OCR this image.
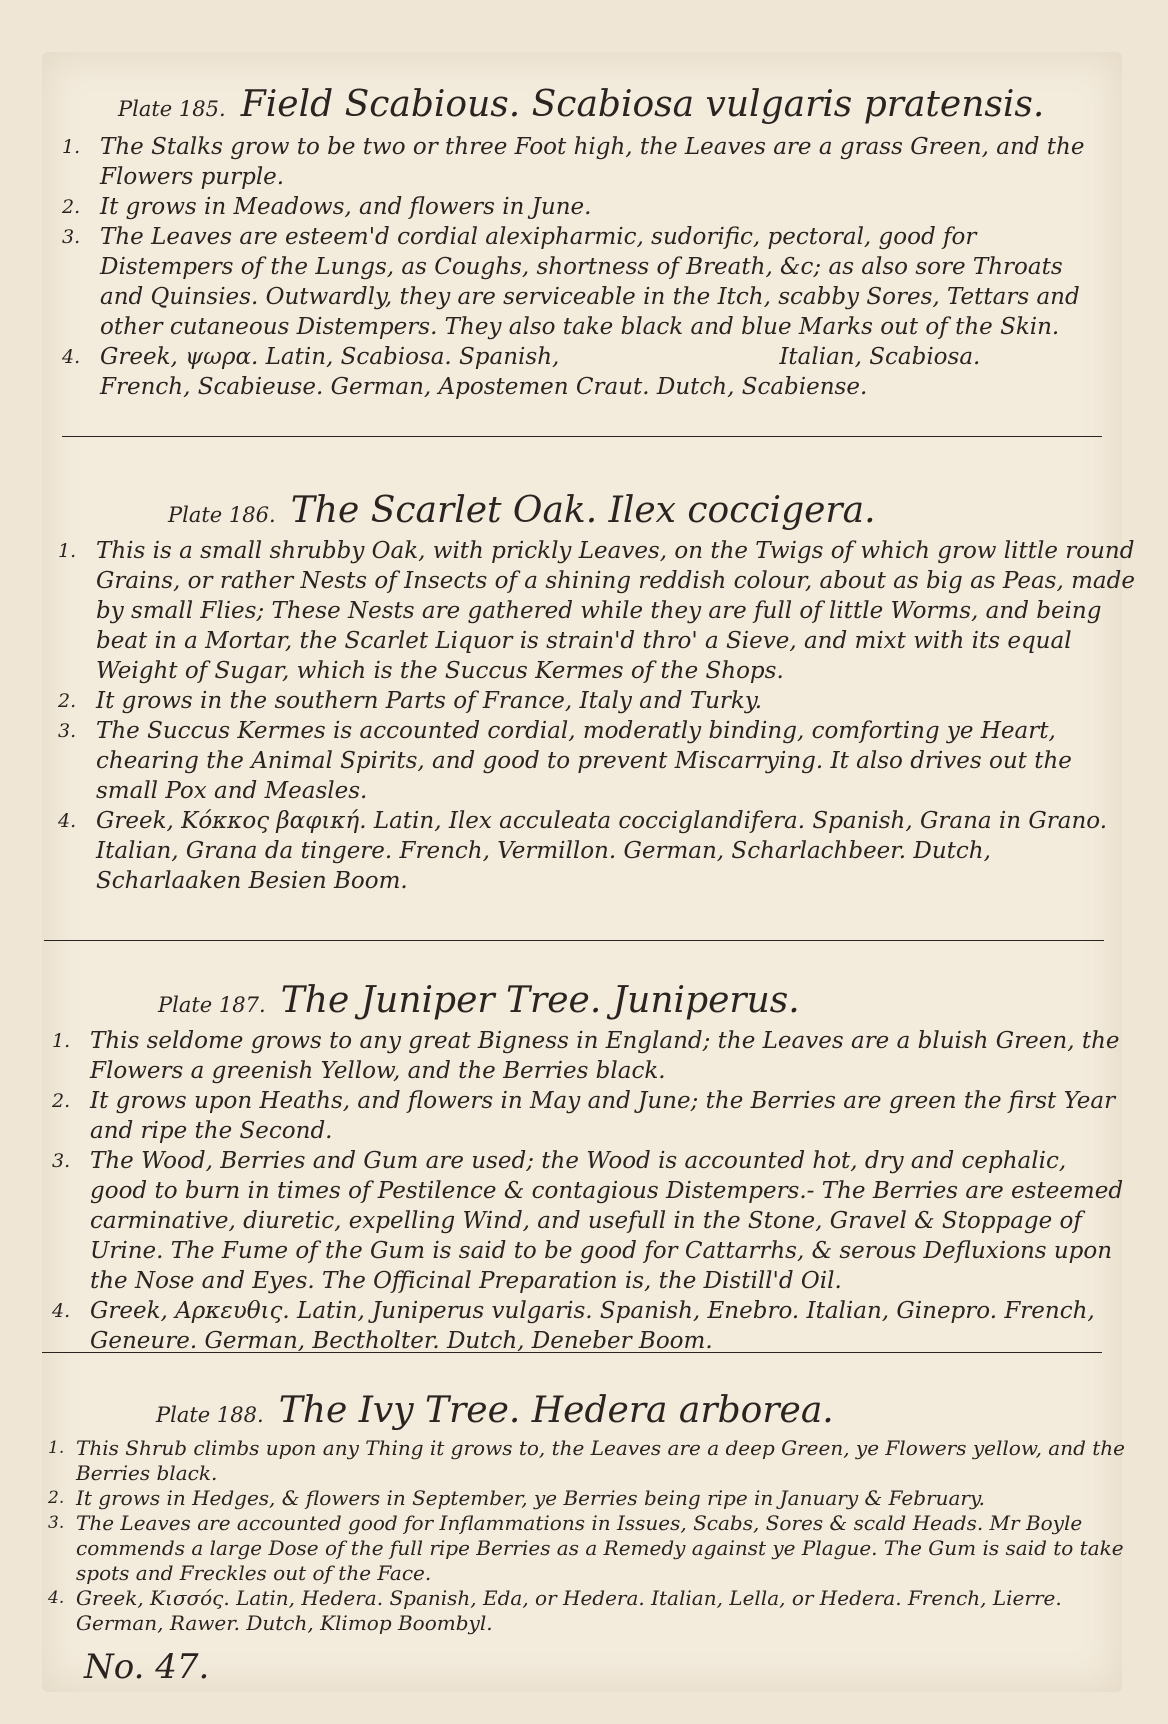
Plate 185. Field Scabious. Scabiosa vulgaris pratensis.
1. The Stalks grow to be two or three Foot high, the Leaves are a grass Green, and the Flowers purple.
2. It grows in Meadows, and flowers in June.
3. The Leaves are esteem'd cordial alexipharmic, sudorific, pectoral, good for Distempers of the Lungs, as Coughs, shortness of Breath, &c; as also sore Throats and Quinsies. Outwardly, they are serviceable in the Itch, scabby Sores, Tettars and other cutaneous Distempers. They also take black and blue Marks out of the Skin.
4. Greek, ψωρα. Latin, Scabiosa. Spanish,	Italian, Scabiosa.
French, Scabieuse. German, Apostemen Craut. Dutch, Scabiense.
Plate 186. The Scarlet Oak. Ilex coccigera.
1. This is a small shrubby Oak, with prickly Leaves, on the Twigs of which grow little round Grains, or rather Nests of Insects of a shining reddish colour, about as big as Peas, made by small Flies; These Nests are gathered while they are full of little Worms, and being beat in a Mortar, the Scarlet Liquor is strain'd thro' a Sieve, and mixt with its equal Weight of Sugar, which is the Succus Kermes of the Shops.
2. It grows in the southern Parts of France, Italy and Turky.
3. The Succus Kermes is accounted cordial, moderatly binding, comforting ye Heart, chearing the Animal Spirits, and good to prevent Miscarrying. It also drives out the small Pox and Measles.
4. Greek, Κόκκος βαφική. Latin, Ilex acculeata cocciglandifera. Spanish, Grana in Grano. Italian, Grana da tingere. French, Vermillon. German, Scharlachbeer. Dutch, Scharlaaken Besien Boom.
Plate 187. The Juniper Tree. Juniperus.
1. This seldome grows to any great Bigness in England; the Leaves are a bluish Green, the Flowers a greenish Yellow, and the Berries black.
2. It grows upon Heaths, and flowers in May and June; the Berries are green the first Year and ripe the Second.
3. The Wood, Berries and Gum are used; the Wood is accounted hot, dry and cephalic, good to burn in times of Pestilence & contagious Distempers.- The Berries are esteemed carminative, diuretic, expelling Wind, and usefull in the Stone, Gravel & Stoppage of Urine. The Fume of the Gum is said to be good for Cattarrhs, & serous Defluxions upon the Nose and Eyes. The Officinal Preparation is, the Distill'd Oil.
4. Greek, Αρκευθις. Latin, Juniperus vulgaris. Spanish, Enebro. Italian, Ginepro. French, Geneure. German, Bectholter. Dutch, Deneber Boom.
Plate 188. The Ivy Tree. Hedera arborea.
1. This Shrub climbs upon any Thing it grows to, the Leaves are a deep Green, ye Flowers yellow, and the Berries black.
2. It grows in Hedges, & flowers in September, ye Berries being ripe in January & February.
3. The Leaves are accounted good for Inflammations in Issues, Scabs, Sores & scald Heads. Mr Boyle commends a large Dose of the full ripe Berries as a Remedy against ye Plague. The Gum is said to take spots and Freckles out of the Face.
4. Greek, Κισσός. Latin, Hedera. Spanish, Eda, or Hedera. Italian, Lella, or Hedera. French, Lierre. German, Rawer. Dutch, Klimop Boombyl.
No. 47.
